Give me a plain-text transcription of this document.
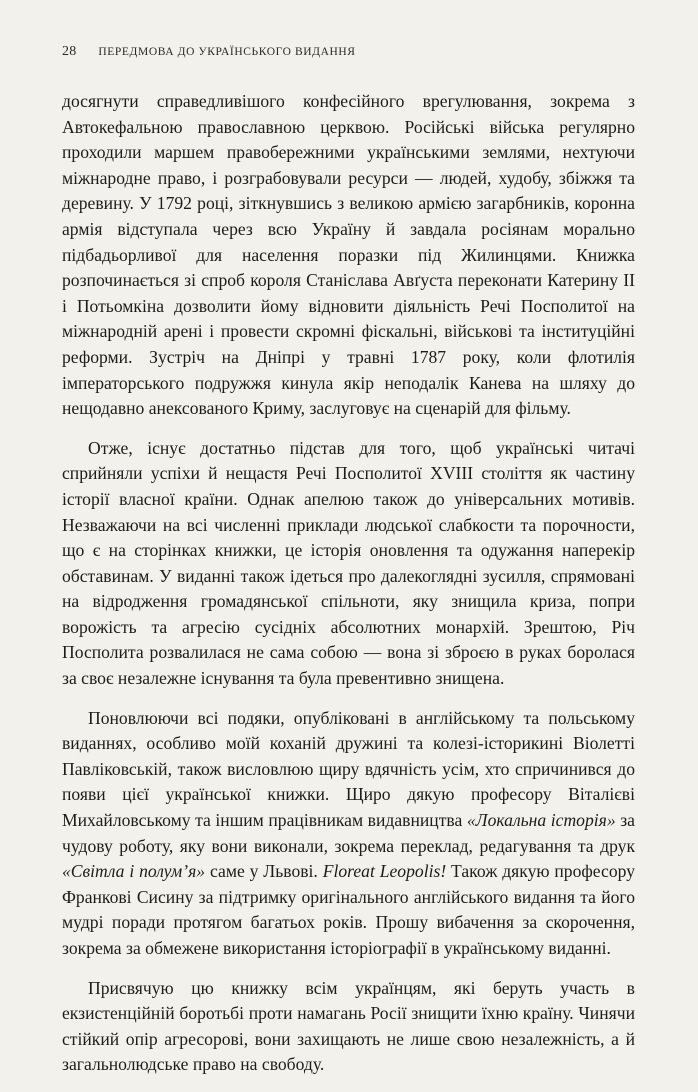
28 ПЕРЕДМОВА ДО УКРАЇНСЬКОГО ВИДАННЯ

досягнути справедливішого конфесійного врегулювання, зокрема з Автокефальною православною церквою. Російські війська регулярно проходили маршем правобережними українськими землями, нехтуючи міжнародне право, і розграбовували ресурси — людей, худобу, збіжжя та деревину. У 1792 році, зіткнувшись з великою армією загарбників, коронна армія відступала через всю Україну й завдала росіянам морально підбадьорливої для населення поразки під Жилинцями. Книжка розпочинається зі спроб короля Станіслава Авґуста переконати Катерину II і Потьомкіна дозволити йому відновити діяльність Речі Посполитої на міжнародній арені і провести скромні фіскальні, військові та інституційні реформи. Зустріч на Дніпрі у травні 1787 року, коли флотилія імператорського подружжя кинула якір неподалік Канева на шляху до нещодавно анексованого Криму, заслуговує на сценарій для фільму.

Отже, існує достатньо підстав для того, щоб українські читачі сприйняли успіхи й нещастя Речі Посполитої XVIII століття як частину історії власної країни. Однак апелюю також до універсальних мотивів. Незважаючи на всі численні приклади людської слабкости та порочности, що є на сторінках книжки, це історія оновлення та одужання наперекір обставинам. У виданні також ідеться про далекоглядні зусилля, спрямовані на відродження громадянської спільноти, яку знищила криза, попри ворожість та агресію сусідніх абсолютних монархій. Зрештою, Річ Посполита розвалилася не сама собою — вона зі зброєю в руках боролася за своє незалежне існування та була превентивно знищена.

Поновлюючи всі подяки, опубліковані в англійському та польському виданнях, особливо моїй коханій дружині та колезі-історикині Віолетті Павліковській, також висловлюю щиру вдячність усім, хто спричинився до появи цієї української книжки. Щиро дякую професору Віталієві Михайловському та іншим працівникам видавництва «Локальна історія» за чудову роботу, яку вони виконали, зокрема переклад, редагування та друк «Світла і полум’я» саме у Львові. Floreat Leopolis! Також дякую професору Франкові Сисину за підтримку оригінального англійського видання та його мудрі поради протягом багатьох років. Прошу вибачення за скорочення, зокрема за обмежене використання історіографії в українському виданні.

Присвячую цю книжку всім українцям, які беруть участь в екзистенційній боротьбі проти намагань Росії знищити їхню країну. Чинячи стійкий опір агресорові, вони захищають не лише свою незалежність, а й загальнолюдське право на свободу.
